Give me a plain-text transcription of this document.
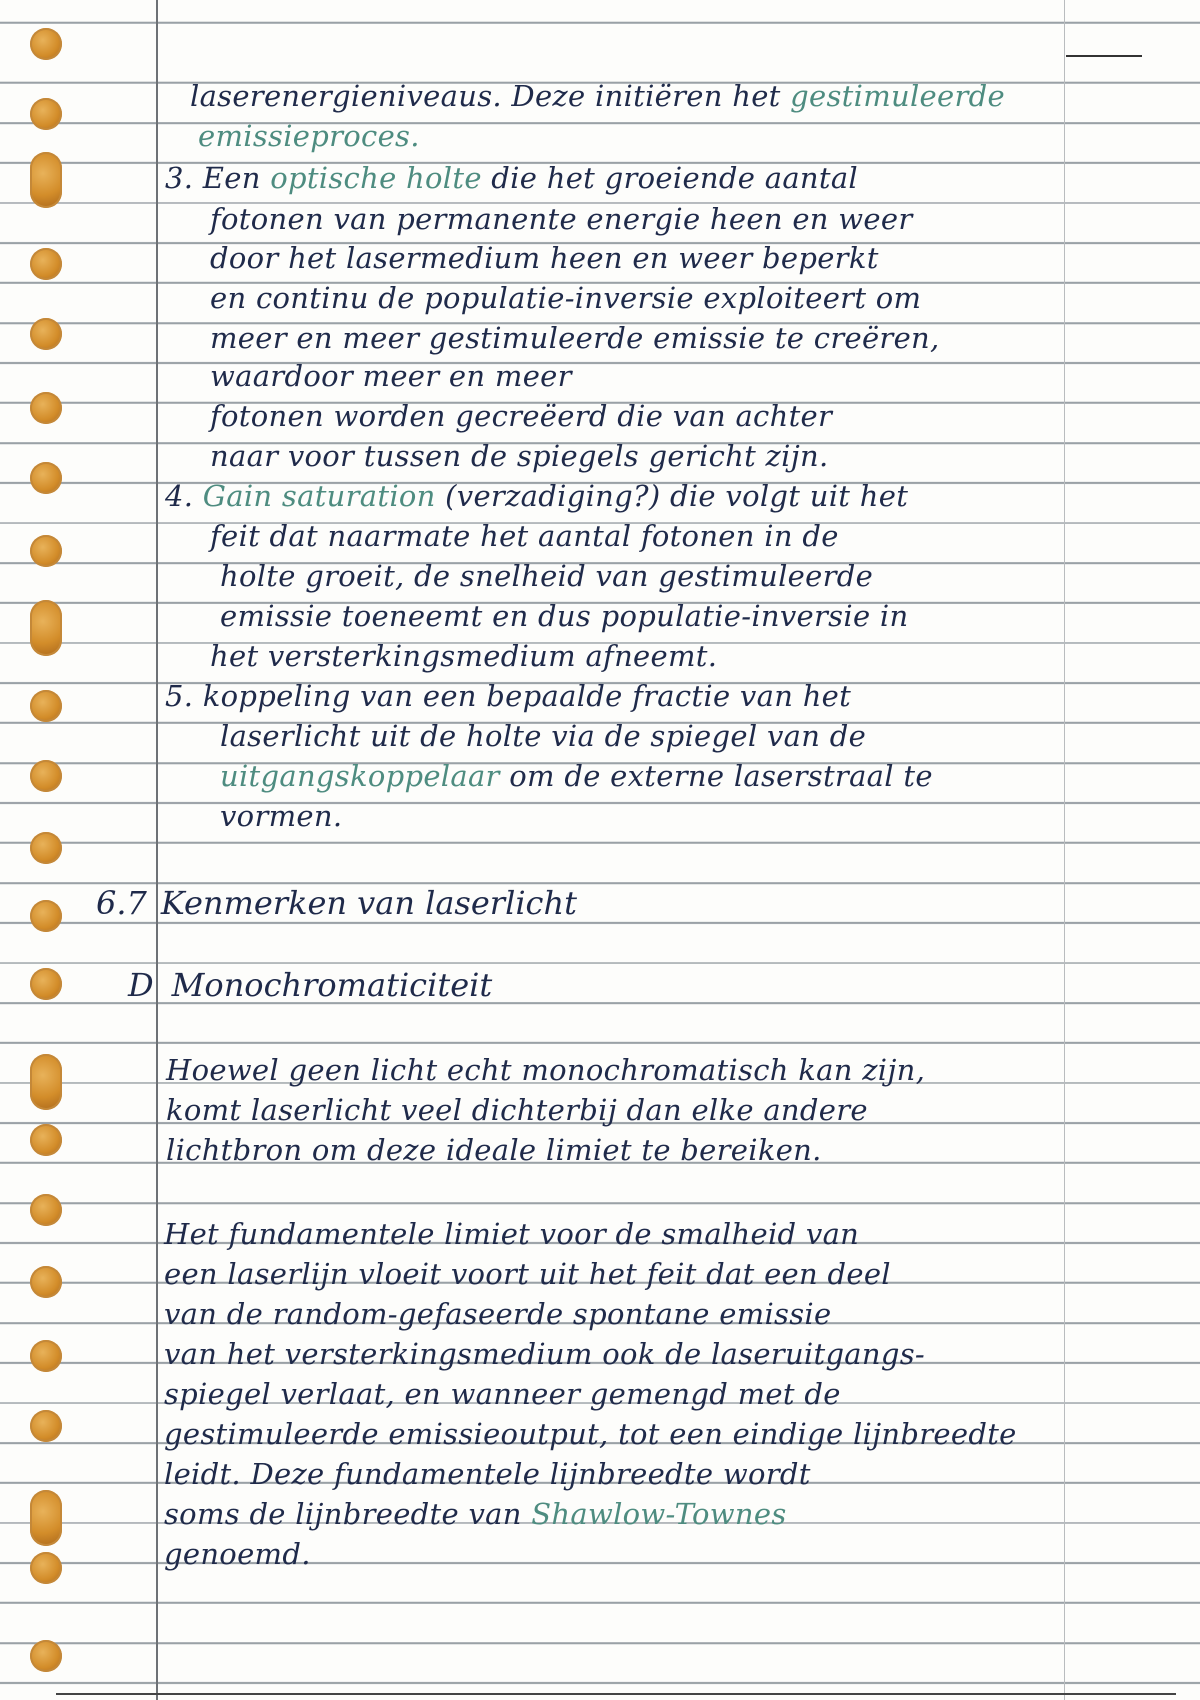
laserenergieniveaus. Deze initiëren het gestimuleerde
emissieproces.
3. Een optische holte die het groeiende aantal
fotonen van permanente energie heen en weer
door het lasermedium heen en weer beperkt
en continu de populatie-inversie exploiteert om
meer en meer gestimuleerde emissie te creëren,
waardoor meer en meer
fotonen worden gecreëerd die van achter
naar voor tussen de spiegels gericht zijn.
4. Gain saturation (verzadiging?) die volgt uit het
feit dat naarmate het aantal fotonen in de
holte groeit, de snelheid van gestimuleerde
emissie toeneemt en dus populatie-inversie in
het versterkingsmedium afneemt.
5. koppeling van een bepaalde fractie van het
laserlicht uit de holte via de spiegel van de
uitgangskoppelaar om de externe laserstraal te
vormen.
6.7 Kenmerken van laserlicht
D Monochromaticiteit
Hoewel geen licht echt monochromatisch kan zijn,
komt laserlicht veel dichterbij dan elke andere
lichtbron om deze ideale limiet te bereiken.
Het fundamentele limiet voor de smalheid van
een laserlijn vloeit voort uit het feit dat een deel
van de random-gefaseerde spontane emissie
van het versterkingsmedium ook de laseruitgangs-
spiegel verlaat, en wanneer gemengd met de
gestimuleerde emissieoutput, tot een eindige lijnbreedte
leidt. Deze fundamentele lijnbreedte wordt
soms de lijnbreedte van Shawlow-Townes
genoemd.
